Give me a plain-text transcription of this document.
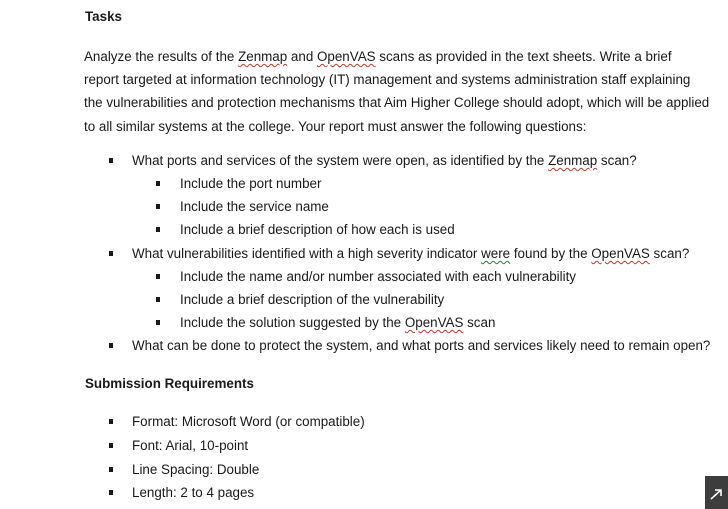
Tasks
Analyze the results of the Zenmap and OpenVAS scans as provided in the text sheets. Write a brief
report targeted at information technology (IT) management and systems administration staff explaining
the vulnerabilities and protection mechanisms that Aim Higher College should adopt, which will be applied
to all similar systems at the college. Your report must answer the following questions:
What ports and services of the system were open, as identified by the Zenmap scan?
Include the port number
Include the service name
Include a brief description of how each is used
What vulnerabilities identified with a high severity indicator were found by the OpenVAS scan?
Include the name and/or number associated with each vulnerability
Include a brief description of the vulnerability
Include the solution suggested by the OpenVAS scan
What can be done to protect the system, and what ports and services likely need to remain open?
Submission Requirements
Format: Microsoft Word (or compatible)
Font: Arial, 10-point
Line Spacing: Double
Length: 2 to 4 pages
